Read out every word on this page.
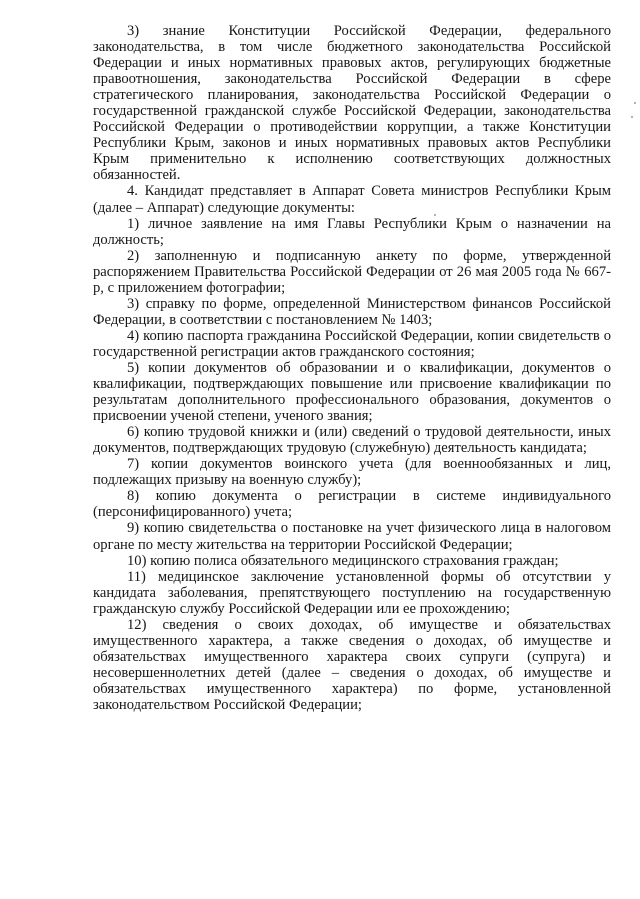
3) знание Конституции Российской Федерации, федерального законодательства, в том числе бюджетного законодательства Российской Федерации и иных нормативных правовых актов, регулирующих бюджетные правоотношения, законодательства Российской Федерации в сфере стратегического планирования, законодательства Российской Федерации о государственной гражданской службе Российской Федерации, законодательства Российской Федерации о противодействии коррупции, а также Конституции Республики Крым, законов и иных нормативных правовых актов Республики Крым применительно к исполнению соответствующих должностных обязанностей.

4. Кандидат представляет в Аппарат Совета министров Республики Крым (далее – Аппарат) следующие документы:

1) личное заявление на имя Главы Республики Крым о назначении на должность;

2) заполненную и подписанную анкету по форме, утвержденной распоряжением Правительства Российской Федерации от 26 мая 2005 года № 667-р, с приложением фотографии;

3) справку по форме, определенной Министерством финансов Российской Федерации, в соответствии с постановлением № 1403;

4) копию паспорта гражданина Российской Федерации, копии свидетельств о государственной регистрации актов гражданского состояния;

5) копии документов об образовании и о квалификации, документов о квалификации, подтверждающих повышение или присвоение квалификации по результатам дополнительного профессионального образования, документов о присвоении ученой степени, ученого звания;

6) копию трудовой книжки и (или) сведений о трудовой деятельности, иных документов, подтверждающих трудовую (служебную) деятельность кандидата;

7) копии документов воинского учета (для военнообязанных и лиц, подлежащих призыву на военную службу);

8) копию документа о регистрации в системе индивидуального (персонифицированного) учета;

9) копию свидетельства о постановке на учет физического лица в налоговом органе по месту жительства на территории Российской Федерации;

10) копию полиса обязательного медицинского страхования граждан;

11) медицинское заключение установленной формы об отсутствии у кандидата заболевания, препятствующего поступлению на государственную гражданскую службу Российской Федерации или ее прохождению;

12) сведения о своих доходах, об имуществе и обязательствах имущественного характера, а также сведения о доходах, об имуществе и обязательствах имущественного характера своих супруги (супруга) и несовершеннолетних детей (далее – сведения о доходах, об имуществе и обязательствах имущественного характера) по форме, установленной законодательством Российской Федерации;
